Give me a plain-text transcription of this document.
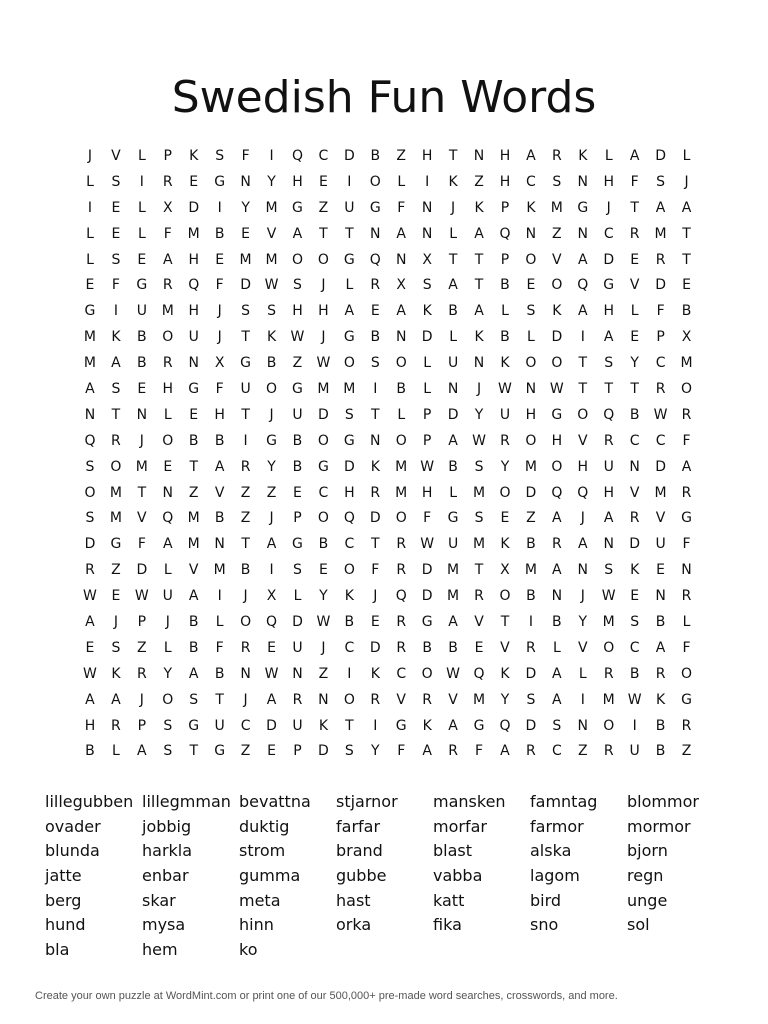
Swedish Fun Words
J	V	L	P	K	S	F	I	Q	C	D	B	Z	H	T	N	H	A	R	K	L	A	D	L
L	S	I	R	E	G	N	Y	H	E	I	O	L	I	K	Z	H	C	S	N	H	F	S	J
I	E	L	X	D	I	Y	M	G	Z	U	G	F	N	J	K	P	K	M	G	J	T	A	A
L	E	L	F	M	B	E	V	A	T	T	N	A	N	L	A	Q	N	Z	N	C	R	M	T
L	S	E	A	H	E	M M	O	O	G	Q	N	X	T	T	P	O	V	A	D	E	R	T
E	F	G	R	Q	F	D W	S	J	L	R	X	S	A	T	B	E	O	Q	G	V	D	E
G	I	U	M	H	J	S	S	H	H	A	E	A	K	B	A	L	S	K	A	H	L	F	B
M	K	B	O	U	J	T	K	W	J	G	B	N	D	L	K	B	L	D	I	A	E	P	X
M	A	B	R	N	X	G	B	Z	W O	S	O	L	U	N	K	O	O	T	S	Y	C	M
A	S	E	H	G	F	U	O	G	M M	I	B	L	N	J	W N W	T	T	T	R	O
N	T	N	L	E	H	T	J	U	D	S	T	L	P	D	Y	U	H	G	O	Q	B	W	R
Q	R	J	O	B	B	I	G	B	O	G	N	O	P	A	W	R	O	H	V	R	C	C	F
S	O	M	E	T	A	R	Y	B	G	D	K	M W	B	S	Y	M	O	H	U	N	D	A
O	M	T	N	Z	V	Z	Z	E	C	H	R	M	H	L	M	O	D	Q	Q	H	V	M	R
S	M	V	Q	M	B	Z	J	P	O	Q	D	O	F	G	S	E	Z	A	J	A	R	V	G
D	G	F	A	M	N	T	A	G	B	C	T	R	W U	M	K	B	R	A	N	D	U	F
R	Z	D	L	V	M	B	I	S	E	O	F	R	D	M	T	X	M	A	N	S	K	E	N
W	E	W U	A	I	J	X	L	Y	K	J	Q	D	M	R	O	B	N	J	W	E	N	R
A	J	P	J	B	L	O	Q	D W	B	E	R	G	A	V	T	I	B	Y	M	S	B	L
E	S	Z	L	B	F	R	E	U	J	C	D	R	B	B	E	V	R	L	V	O	C	A	F
W	K	R	Y	A	B	N W N	Z	I	K	C	O W Q	K	D	A	L	R	B	R	O
A	A	J	O	S	T	J	A	R	N	O	R	V	R	V	M	Y	S	A	I	M W	K	G
H	R	P	S	G	U	C	D	U	K	T	I	G	K	A	G	Q	D	S	N	O	I	B	R
B	L	A	S	T	G	Z	E	P	D	S	Y	F	A	R	F	A	R	C	Z	R	U	B	Z
lillegubben lillegmman bevattna	stjarnor	mansken	famntag	blommor
ovader	jobbig	duktig	farfar	morfar	farmor	mormor
blunda	harkla	strom	brand	blast	alska	bjorn
jatte	enbar	gumma	gubbe	vabba	lagom	regn
berg	skar	meta	hast	katt	bird	unge
hund	mysa	hinn	orka	fika	sno	sol
bla	hem	ko
Create your own puzzle at WordMint.com or print one of our 500,000+ pre-made word searches, crosswords, and more.
